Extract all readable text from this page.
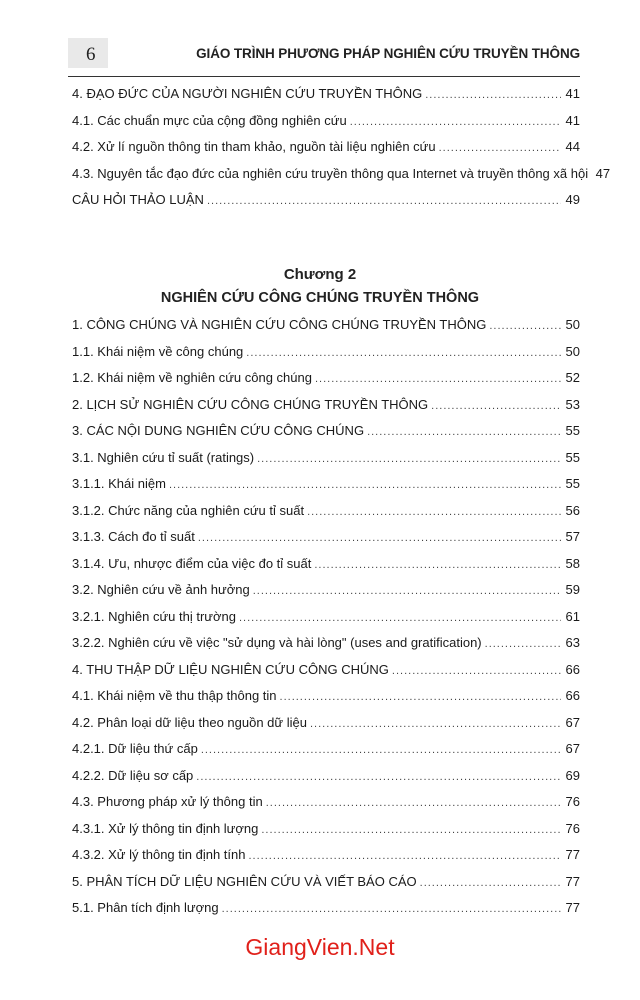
6	GIÁO TRÌNH PHƯƠNG PHÁP NGHIÊN CỨU TRUYỀN THÔNG
4. ĐẠO ĐỨC CỦA NGƯỜI NGHIÊN CỨU TRUYỀN THÔNG .....	41
4.1. Các chuẩn mực của cộng đồng nghiên cứu .....	41
4.2. Xử lí nguồn thông tin tham khảo, nguồn tài liệu nghiên cứu .....	44
4.3. Nguyên tắc đạo đức của nghiên cứu truyền thông qua Internet và truyền thông xã hội 47
CÂU HỎI THẢO LUẬN .....	49
Chương 2
NGHIÊN CỨU CÔNG CHÚNG TRUYỀN THÔNG
1. CÔNG CHÚNG VÀ NGHIÊN CỨU CÔNG CHÚNG TRUYỀN THÔNG .....	50
1.1. Khái niệm về công chúng .....	50
1.2. Khái niệm về nghiên cứu công chúng .....	52
2. LỊCH SỬ NGHIÊN CỨU CÔNG CHÚNG TRUYỀN THÔNG .....	53
3. CÁC NỘI DUNG NGHIÊN CỨU CÔNG CHÚNG .....	55
3.1. Nghiên cứu tỉ suất (ratings) .....	55
3.1.1. Khái niệm .....	55
3.1.2. Chức năng của nghiên cứu tỉ suất .....	56
3.1.3. Cách đo tỉ suất .....	57
3.1.4. Ưu, nhược điểm của việc đo tỉ suất .....	58
3.2. Nghiên cứu về ảnh hưởng .....	59
3.2.1. Nghiên cứu thị trường .....	61
3.2.2. Nghiên cứu về việc "sử dụng và hài lòng" (uses and gratification) .....	63
4. THU THẬP DỮ LIỆU NGHIÊN CỨU CÔNG CHÚNG .....	66
4.1. Khái niệm về thu thập thông tin .....	66
4.2. Phân loại dữ liệu theo nguồn dữ liệu .....	67
4.2.1. Dữ liệu thứ cấp .....	67
4.2.2. Dữ liệu sơ cấp .....	69
4.3. Phương pháp xử lý thông tin .....	76
4.3.1. Xử lý thông tin định lượng .....	76
4.3.2. Xử lý thông tin định tính .....	77
5. PHÂN TÍCH DỮ LIỆU NGHIÊN CỨU VÀ VIẾT BÁO CÁO .....	77
5.1. Phân tích định lượng .....	77
GiangVien.Net
